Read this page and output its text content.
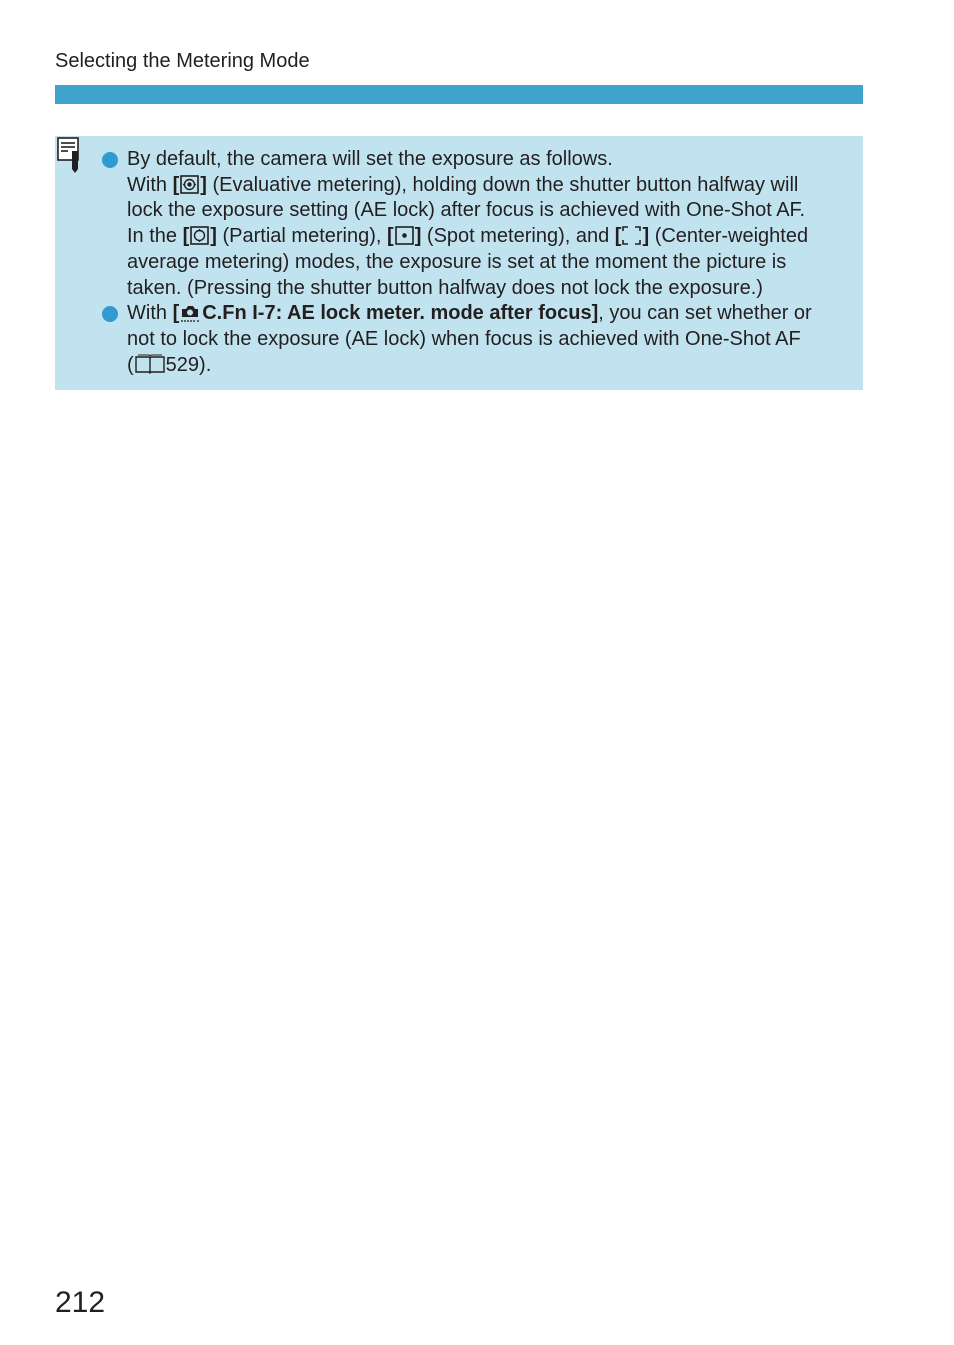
Selecting the Metering Mode
By default, the camera will set the exposure as follows.
With [ ] (Evaluative metering), holding down the shutter button halfway will
lock the exposure setting (AE lock) after focus is achieved with One-Shot AF.
In the [ ] (Partial metering), [ ] (Spot metering), and [ ] (Center-weighted
average metering) modes, the exposure is set at the moment the picture is
taken. (Pressing the shutter button halfway does not lock the exposure.)
With [ C.Fn I-7: AE lock meter. mode after focus], you can set whether or
not to lock the exposure (AE lock) when focus is achieved with One-Shot AF
( 529).
212
